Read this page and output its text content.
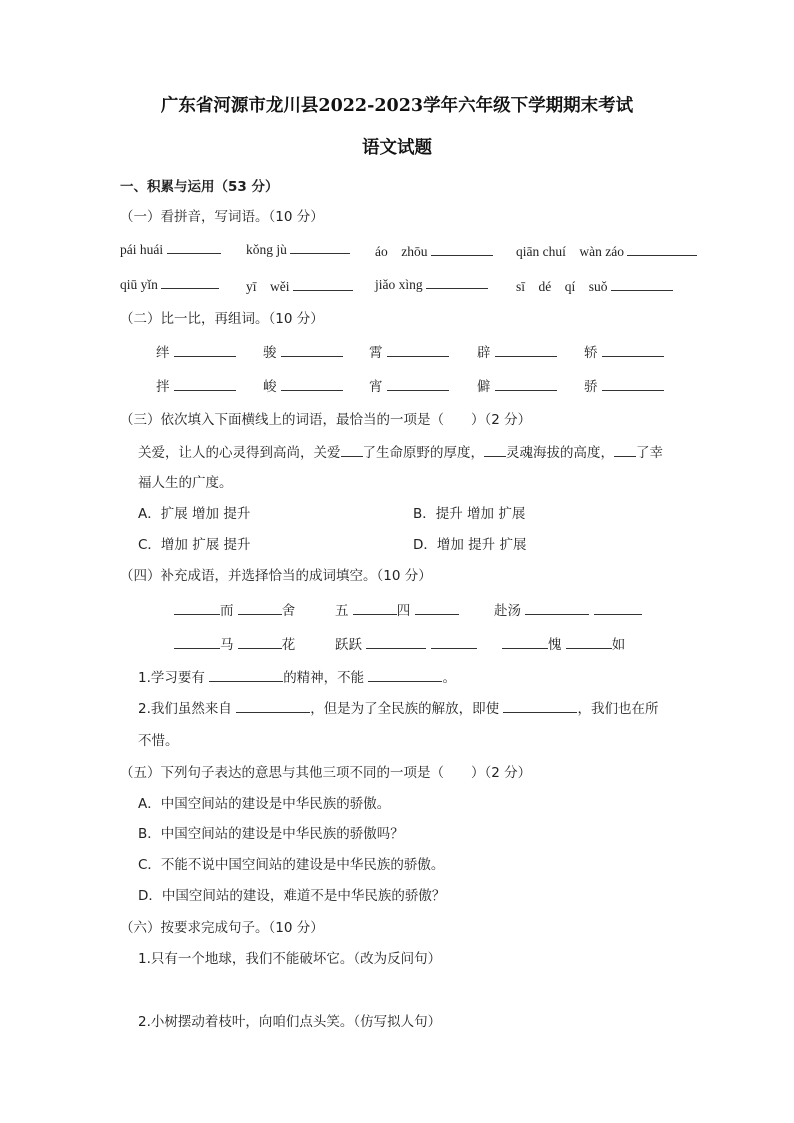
广东省河源市龙川县2022-2023学年六年级下学期期末考试
语文试题
一、积累与运用（53 分）
（一）看拼音，写词语。（10 分）
pái huái	kǒng jù	áo　zhōu	qiān chuí　wàn záo
qiū yǐn	yī　wěi	jiǎo xìng	sī　dé　qí　suǒ
（二）比一比，再组词。（10 分）
绊	骏	霄	辟	轿
拌	峻	宵	僻	骄
（三）依次填入下面横线上的词语，最恰当的一项是（　　）（2 分）
关爱，让人的心灵得到高尚，关爱 了生命原野的厚度， 灵魂海拔的高度， 了幸
福人生的广度。
A．扩展 增加 提升	B．提升 增加 扩展
C．增加 扩展 提升	D．增加 提升 扩展
（四）补充成语，并选择恰当的成词填空。（10 分）
而	舍	五	四	赴汤
马	花	跃跃	愧	如
1.学习要有	的精神，不能	。
2.我们虽然来自	，但是为了全民族的解放，即使	，我们也在所
不惜。
（五）下列句子表达的意思与其他三项不同的一项是（　　）（2 分）
A．中国空间站的建设是中华民族的骄傲。
B．中国空间站的建设是中华民族的骄傲吗？
C．不能不说中国空间站的建设是中华民族的骄傲。
D．中国空间站的建设，难道不是中华民族的骄傲？
（六）按要求完成句子。（10 分）
1.只有一个地球，我们不能破坏它。（改为反问句）
2.小树摆动着枝叶，向咱们点头笑。（仿写拟人句）
